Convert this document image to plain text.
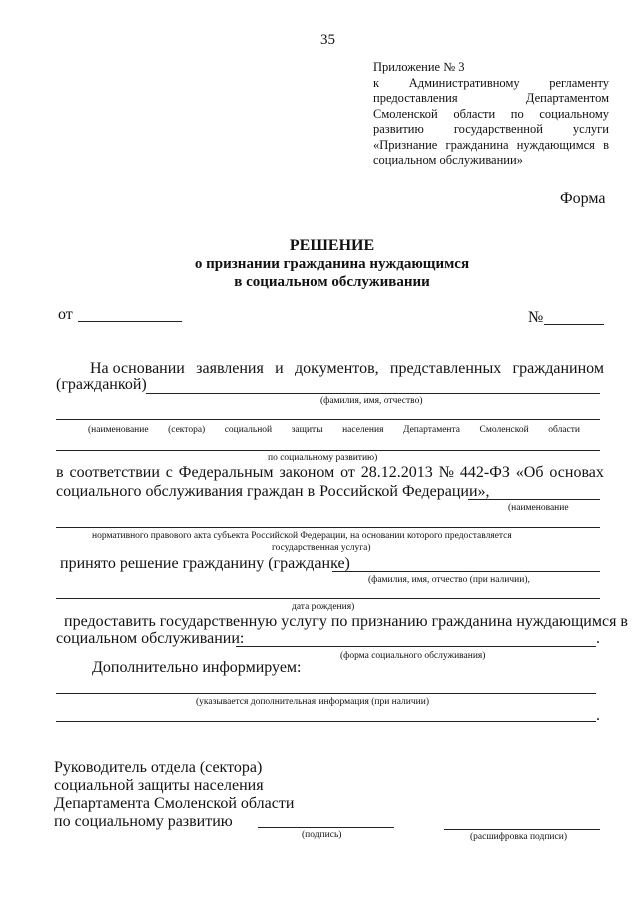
35
Приложение № 3
к Административному регламенту
предоставления	Департаментом
Смоленской области по социальному
развитию государственной услуги
«Признание гражданина нуждающимся в
социальном обслуживании»
Форма
РЕШЕНИЕ
о признании гражданина нуждающимся
в социальном обслуживании
от	№
На основании заявления и документов, представленных гражданином
(гражданкой)
(фамилия, имя, отчество)
(наименование (сектора) социальной защиты населения Департамента Смоленской области
по социальному развитию)
в соответствии с Федеральным законом от 28.12.2013 № 442-ФЗ «Об основах
социального обслуживания граждан в Российской Федерации»,
(наименование
нормативного правового акта субъекта Российской Федерации, на основании которого предоставляется
государственная услуга)
принято решение гражданину (гражданке)
(фамилия, имя, отчество (при наличии),
дата рождения)
предоставить государственную услугу по признанию гражданина нуждающимся в
социальном обслуживании:	.
(форма социального обслуживания)
Дополнительно информируем:
(указывается дополнительная информация (при наличии)
.
Руководитель отдела (сектора)
социальной защиты населения
Департамента Смоленской области
по социальному развитию
(подпись)	(расшифровка подписи)
